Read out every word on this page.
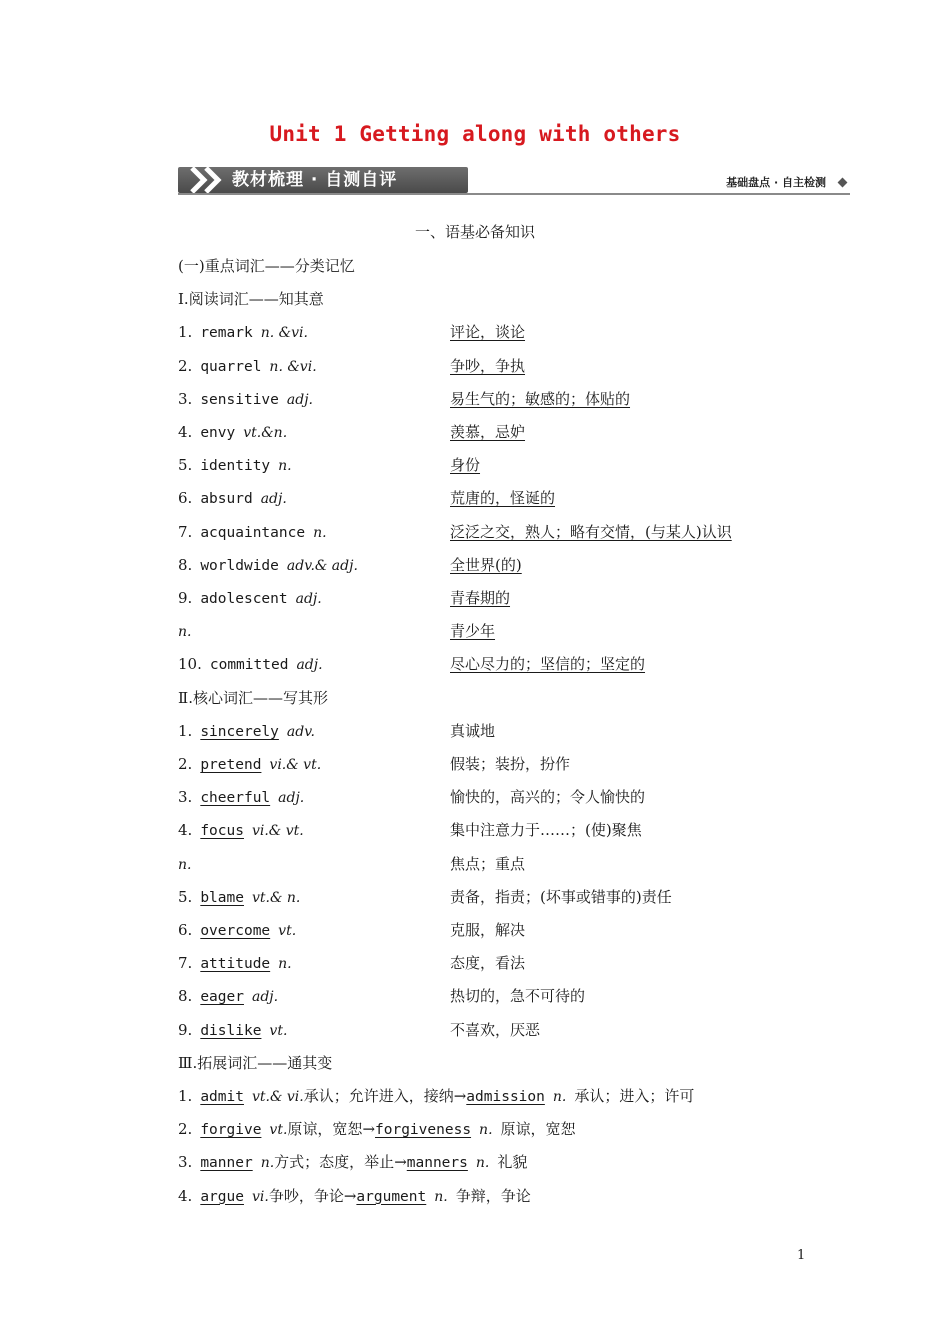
Unit 1 Getting along with others
教材梳理 · 自测自评	基础盘点 · 自主检测
一、语基必备知识
(一)重点词汇——分类记忆
Ⅰ.阅读词汇——知其意
1. remark n. &vi.	评论，谈论
2. quarrel n. &vi.	争吵，争执
3. sensitive adj.	易生气的；敏感的；体贴的
4. envy vt.&n.	羡慕，忌妒
5. identity n.	身份
6. absurd adj.	荒唐的，怪诞的
7. acquaintance n.	泛泛之交，熟人；略有交情，(与某人)认识
8. worldwide adv.& adj.	全世界(的)
9. adolescent adj.	青春期的
n.	青少年
10. committed adj.	尽心尽力的；坚信的；坚定的
Ⅱ.核心词汇——写其形
1. sincerely adv.	真诚地
2. pretend vi.& vt.	假装；装扮，扮作
3. cheerful adj.	愉快的，高兴的；令人愉快的
4. focus vi.& vt.	集中注意力于……；(使)聚焦
n.	焦点；重点
5. blame vt.& n.	责备，指责；(坏事或错事的)责任
6. overcome vt.	克服，解决
7. attitude n.	态度，看法
8. eager adj.	热切的，急不可待的
9. dislike vt.	不喜欢，厌恶
Ⅲ.拓展词汇——通其变
1. admit vt.& vi.承认；允许进入，接纳→admission n. 承认；进入；许可
2. forgive vt.原谅，宽恕→forgiveness n. 原谅，宽恕
3. manner n.方式；态度，举止→manners n. 礼貌
4. argue vi.争吵，争论→argument n. 争辩，争论
1
